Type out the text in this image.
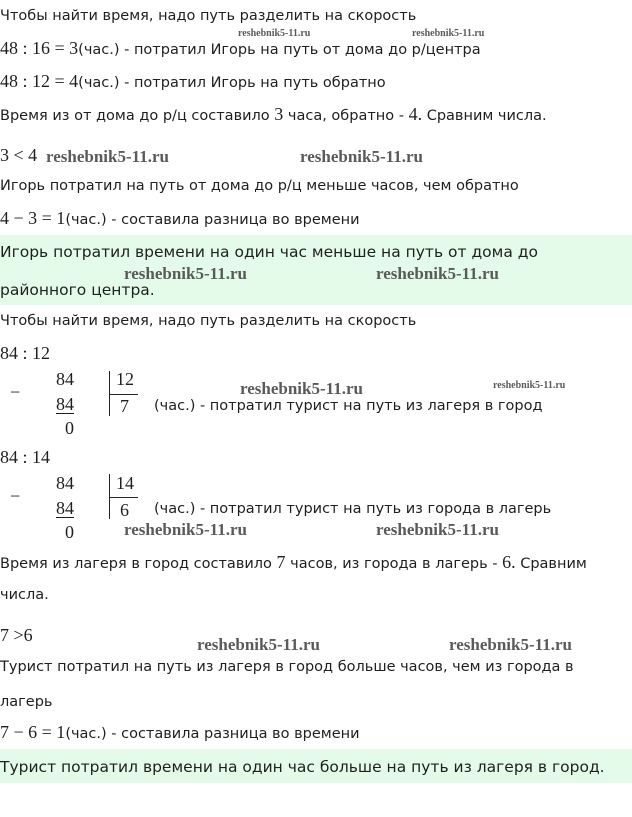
Чтобы найти время, надо путь разделить на скорость
reshebnik5-11.ru	reshebnik5-11.ru
48 : 16 = 3(час.) - потратил Игорь на путь от дома до р/центра
48 : 12 = 4(час.) - потратил Игорь на путь обратно
Время из от дома до р/ц составило 3 часа, обратно - 4. Сравним числа.
3 < 4 reshebnik5-11.ru	reshebnik5-11.ru
Игорь потратил на путь от дома до р/ц меньше часов, чем обратно
4 − 3 = 1(час.) - составила разница во времени
Игорь потратил времени на один час меньше на путь от дома до
reshebnik5-11.ru	reshebnik5-11.ru
районного центра.
Чтобы найти время, надо путь разделить на скорость
84 : 12
−
84
84
0
12
7 (час.) - потратил турист на путь из лагеря в город
reshebnik5-11.ru	reshebnik5-11.ru
84 : 14
−
84
84
0
14
6 (час.) - потратил турист на путь из города в лагерь
reshebnik5-11.ru	reshebnik5-11.ru
Время из лагеря в город составило 7 часов, из города в лагерь - 6. Сравним
числа.
7 >6	reshebnik5-11.ru	reshebnik5-11.ru
Турист потратил на путь из лагеря в город больше часов, чем из города в
лагерь
7 − 6 = 1(час.) - составила разница во времени
Турист потратил времени на один час больше на путь из лагеря в город.
